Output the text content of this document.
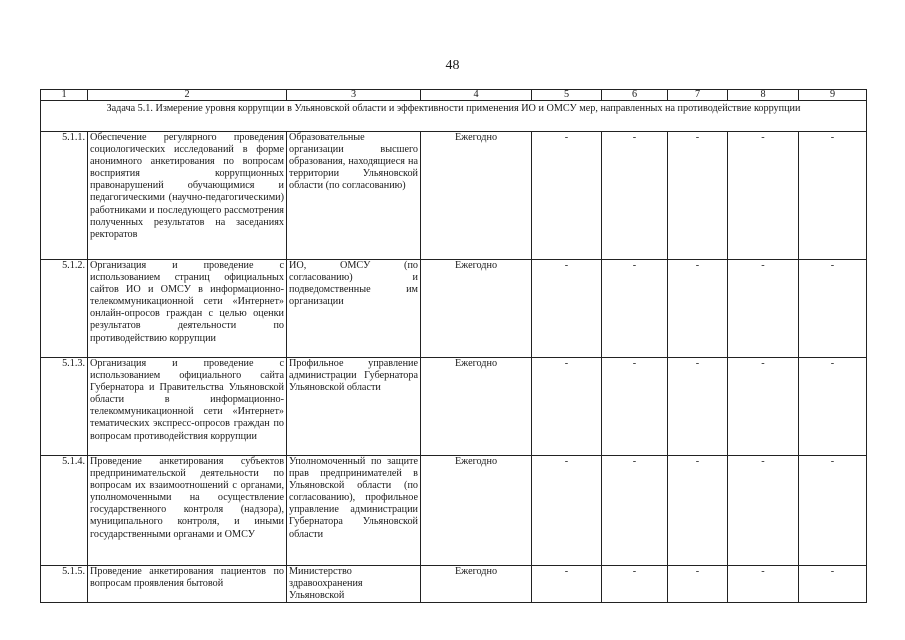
48
1	2	3	4	5	6	7	8	9
Задача 5.1. Измерение уровня коррупции в Ульяновской области и эффективности применения ИО и ОМСУ мер, направленных на противодействие коррупции								
5.1.1.	Обеспечение регулярного проведения социологических исследований в форме анонимного анкетирования по вопросам восприятия коррупционных правонарушений обучающимися и педагогическими (научно-педагогическими) работниками и последующего рассмотрения полученных результатов на заседаниях ректоратов	Образовательные организации высшего образования, находящиеся на территории Ульяновской области (по согласованию)	Ежегодно	-	-	-	-	-
5.1.2.	Организация и проведение с использованием страниц официальных сайтов ИО и ОМСУ в информационно-телекоммуникационной сети «Интернет» онлайн-опросов граждан с целью оценки результатов деятельности по противодействию коррупции	ИО, ОМСУ (по согласованию) и подведомственные им организации	Ежегодно	-	-	-	-	-
5.1.3.	Организация и проведение с использованием официального сайта Губернатора и Правительства Ульяновской области в информационно-телекоммуникационной сети «Интернет» тематических экспресс-опросов граждан по вопросам противодействия коррупции	Профильное управление администрации Губернатора Ульяновской области	Ежегодно	-	-	-	-	-
5.1.4.	Проведение анкетирования субъектов предпринимательской деятельности по вопросам их взаимоотношений с органами, уполномоченными на осуществление государственного контроля (надзора), муниципального контроля, и иными государственными органами и ОМСУ	Уполномоченный по защите прав предпринимателей в Ульяновской области (по согласованию), профильное управление администрации Губернатора Ульяновской области	Ежегодно	-	-	-	-	-
5.1.5.	Проведение анкетирования пациентов по вопросам проявления бытовой	Министерство здравоохранения Ульяновской	Ежегодно	-	-	-	-	-
